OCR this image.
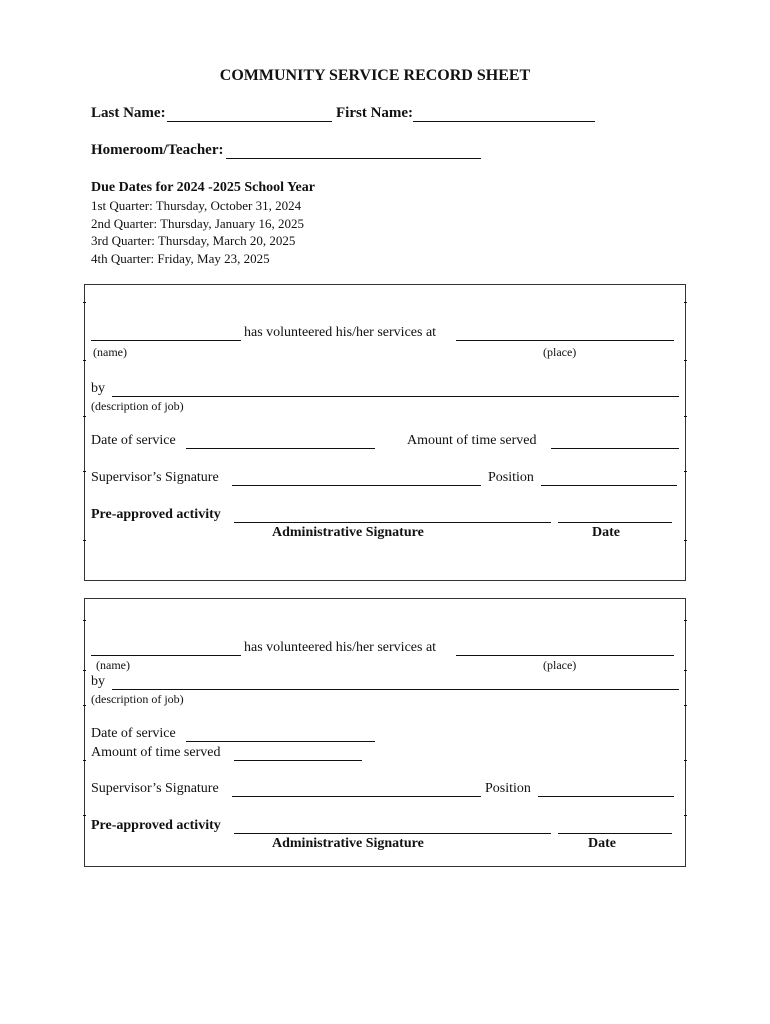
COMMUNITY SERVICE RECORD SHEET
Last Name:	First Name:
Homeroom/Teacher:
Due Dates for 2024 -2025 School Year
1st Quarter: Thursday, October 31, 2024
2nd Quarter: Thursday, January 16, 2025
3rd Quarter: Thursday, March 20, 2025
4th Quarter: Friday, May 23, 2025
has volunteered his/her services at
(name)	(place)
by
(description of job)
Date of service	Amount of time served
Supervisor’s Signature	Position
Pre-approved activity
Administrative Signature	Date
has volunteered his/her services at
(name)	(place)
by
(description of job)
Date of service
Amount of time served
Supervisor’s Signature	Position
Pre-approved activity
Administrative Signature	Date
